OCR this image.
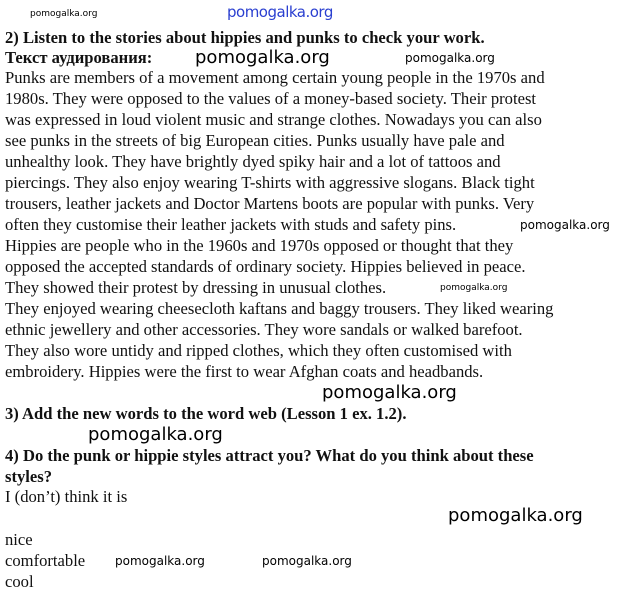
pomogalka.org
2) Listen to the stories about hippies and punks to check your work.
Текст аудирования:
Punks are members of a movement among certain young people in the 1970s and
1980s. They were opposed to the values of a money-based society. Their protest
was expressed in loud violent music and strange clothes. Nowadays you can also
see punks in the streets of big European cities. Punks usually have pale and
unhealthy look. They have brightly dyed spiky hair and a lot of tattoos and
piercings. They also enjoy wearing T-shirts with aggressive slogans. Black tight
trousers, leather jackets and Doctor Martens boots are popular with punks. Very
often they customise their leather jackets with studs and safety pins.
Hippies are people who in the 1960s and 1970s opposed or thought that they
opposed the accepted standards of ordinary society. Hippies believed in peace.
They showed their protest by dressing in unusual clothes.
They enjoyed wearing cheesecloth kaftans and baggy trousers. They liked wearing
ethnic jewellery and other accessories. They wore sandals or walked barefoot.
They also wore untidy and ripped clothes, which they often customised with
embroidery. Hippies were the first to wear Afghan coats and headbands.
3) Add the new words to the word web (Lesson 1 ex. 1.2).
4) Do the punk or hippie styles attract you? What do you think about these
styles?
I (don’t) think it is
nice
comfortable
cool
pomogalka.org	pomogalka.org
pomogalka.org
pomogalka.org
pomogalka.org
pomogalka.org
pomogalka.org
pomogalka.org
pomogalka.org	pomogalka.org
